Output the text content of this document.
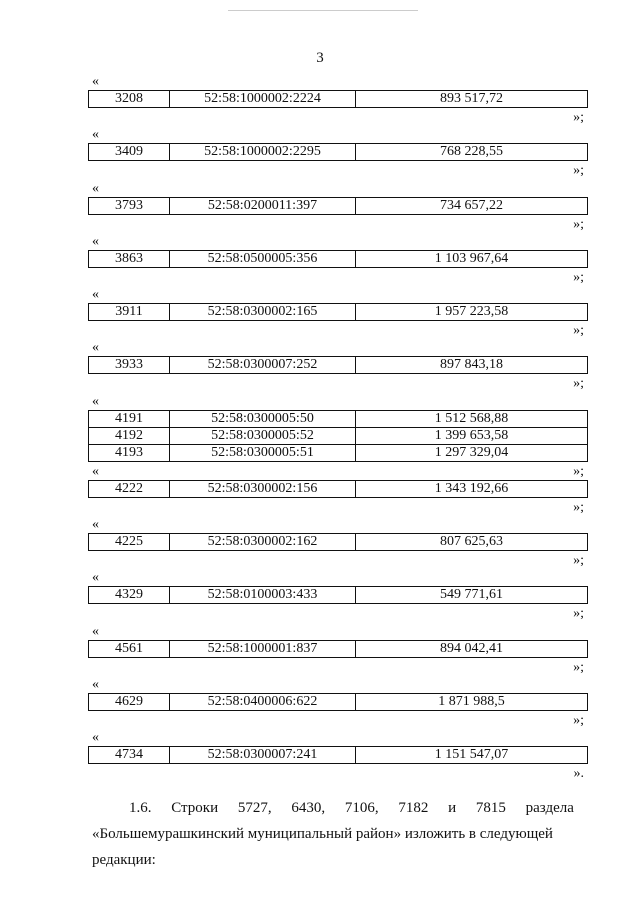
3
«
3208	52:58:1000002:2224	893 517,72
»;
«
3409	52:58:1000002:2295	768 228,55
»;
«
3793	52:58:0200011:397	734 657,22
»;
«
3863	52:58:0500005:356	1 103 967,64
»;
«
3911	52:58:0300002:165	1 957 223,58
»;
«
3933	52:58:0300007:252	897 843,18
»;
«
4191	52:58:0300005:50	1 512 568,88
4192	52:58:0300005:52	1 399 653,58
4193	52:58:0300005:51	1 297 329,04
»;
«
4222	52:58:0300002:156	1 343 192,66
»;
«
4225	52:58:0300002:162	807 625,63
»;
«
4329	52:58:0100003:433	549 771,61
»;
«
4561	52:58:1000001:837	894 042,41
»;
«
4629	52:58:0400006:622	1 871 988,5
»;
«
4734	52:58:0300007:241	1 151 547,07
».
1.6. Строки 5727, 6430, 7106, 7182 и 7815 раздела
«Большемурашкинский муниципальный район» изложить в следующей
редакции:
